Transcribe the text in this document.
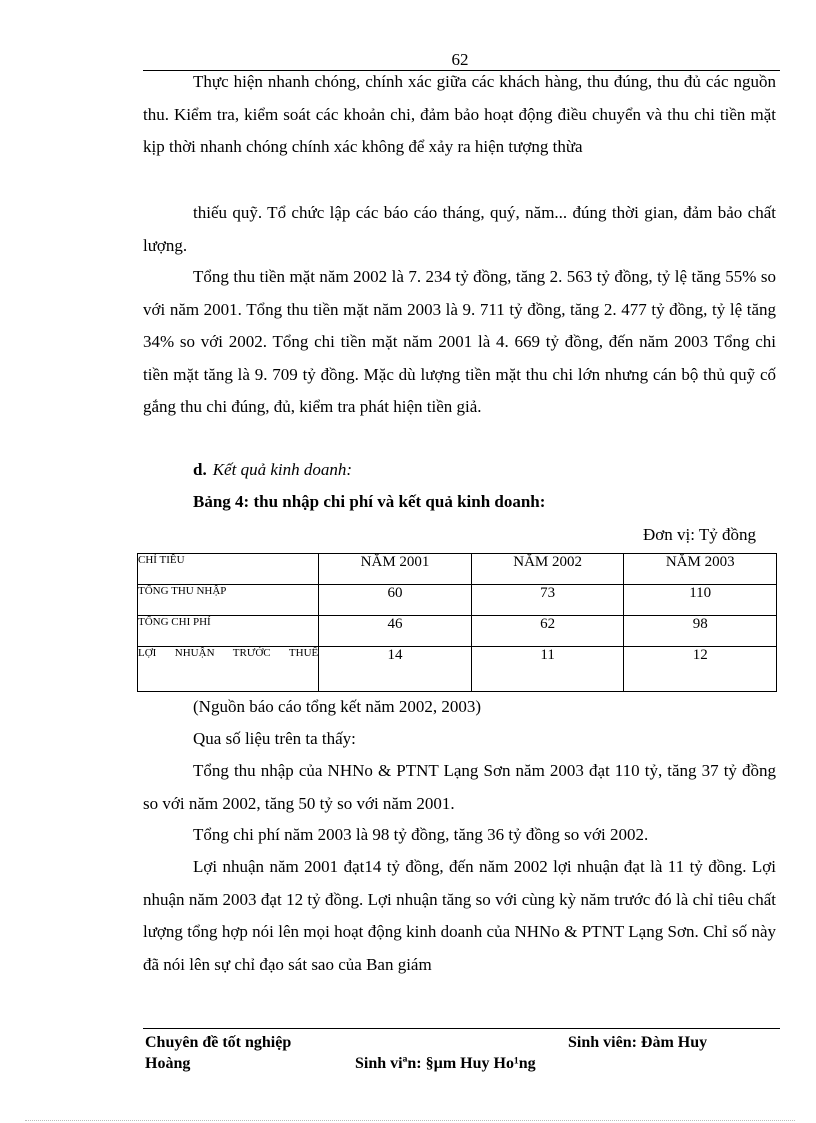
62

Thực hiện nhanh chóng, chính xác giữa các khách hàng, thu đúng, thu đủ các nguồn thu. Kiểm tra, kiểm soát các khoản chi, đảm bảo hoạt động điều chuyển và thu chi tiền mặt kịp thời nhanh chóng chính xác không để xảy ra hiện tượng thừa

thiếu quỹ. Tổ chức lập các báo cáo tháng, quý, năm... đúng thời gian, đảm bảo chất lượng.

Tổng thu tiền mặt năm 2002 là 7. 234 tỷ đồng, tăng 2. 563 tỷ đồng, tỷ lệ tăng 55% so với năm 2001. Tổng thu tiền mặt năm 2003 là 9. 711 tỷ đồng, tăng 2. 477 tỷ đồng, tỷ lệ tăng 34% so với 2002. Tổng chi tiền mặt năm 2001 là 4. 669 tỷ đồng, đến năm 2003 Tổng chi tiền mặt tăng là 9. 709 tỷ đồng. Mặc dù lượng tiền mặt thu chi lớn nhưng cán bộ thủ quỹ cố gắng thu chi đúng, đủ, kiểm tra phát hiện tiền giả.

d. Kết quả kinh doanh:
Bảng 4: thu nhập chi phí và kết quả kinh doanh:
Đơn vị: Tỷ đồng
CHỈ TIÊU	NĂM 2001	NĂM 2002	NĂM 2003
TỔNG THU NHẬP	60	73	110
TỔNG CHI PHÍ	46	62	98
LỢI NHUẬN TRƯỚC THUẾ	14	11	12

(Nguồn báo cáo tổng kết năm 2002, 2003)

Qua số liệu trên ta thấy:

Tổng thu nhập của NHNo & PTNT Lạng Sơn năm 2003 đạt 110 tỷ, tăng 37 tỷ đồng so với năm 2002, tăng 50 tỷ so với năm 2001.

Tổng chi phí năm 2003 là 98 tỷ đồng, tăng 36 tỷ đồng so với 2002.

Lợi nhuận năm 2001 đạt14 tỷ đồng, đến năm 2002 lợi nhuận đạt là 11 tỷ đồng. Lợi nhuận năm 2003 đạt 12 tỷ đồng. Lợi nhuận tăng so với cùng kỳ năm trước đó là chỉ tiêu chất lượng tổng hợp nói lên mọi hoạt động kinh doanh của NHNo & PTNT Lạng Sơn. Chỉ số này đã nói lên sự chỉ đạo sát sao của Ban giám

Chuyên đề tốt nghiệp	Sinh viên: Đàm Huy
Hoàng	Sinh viªn: §µm Huy Ho¹ng
